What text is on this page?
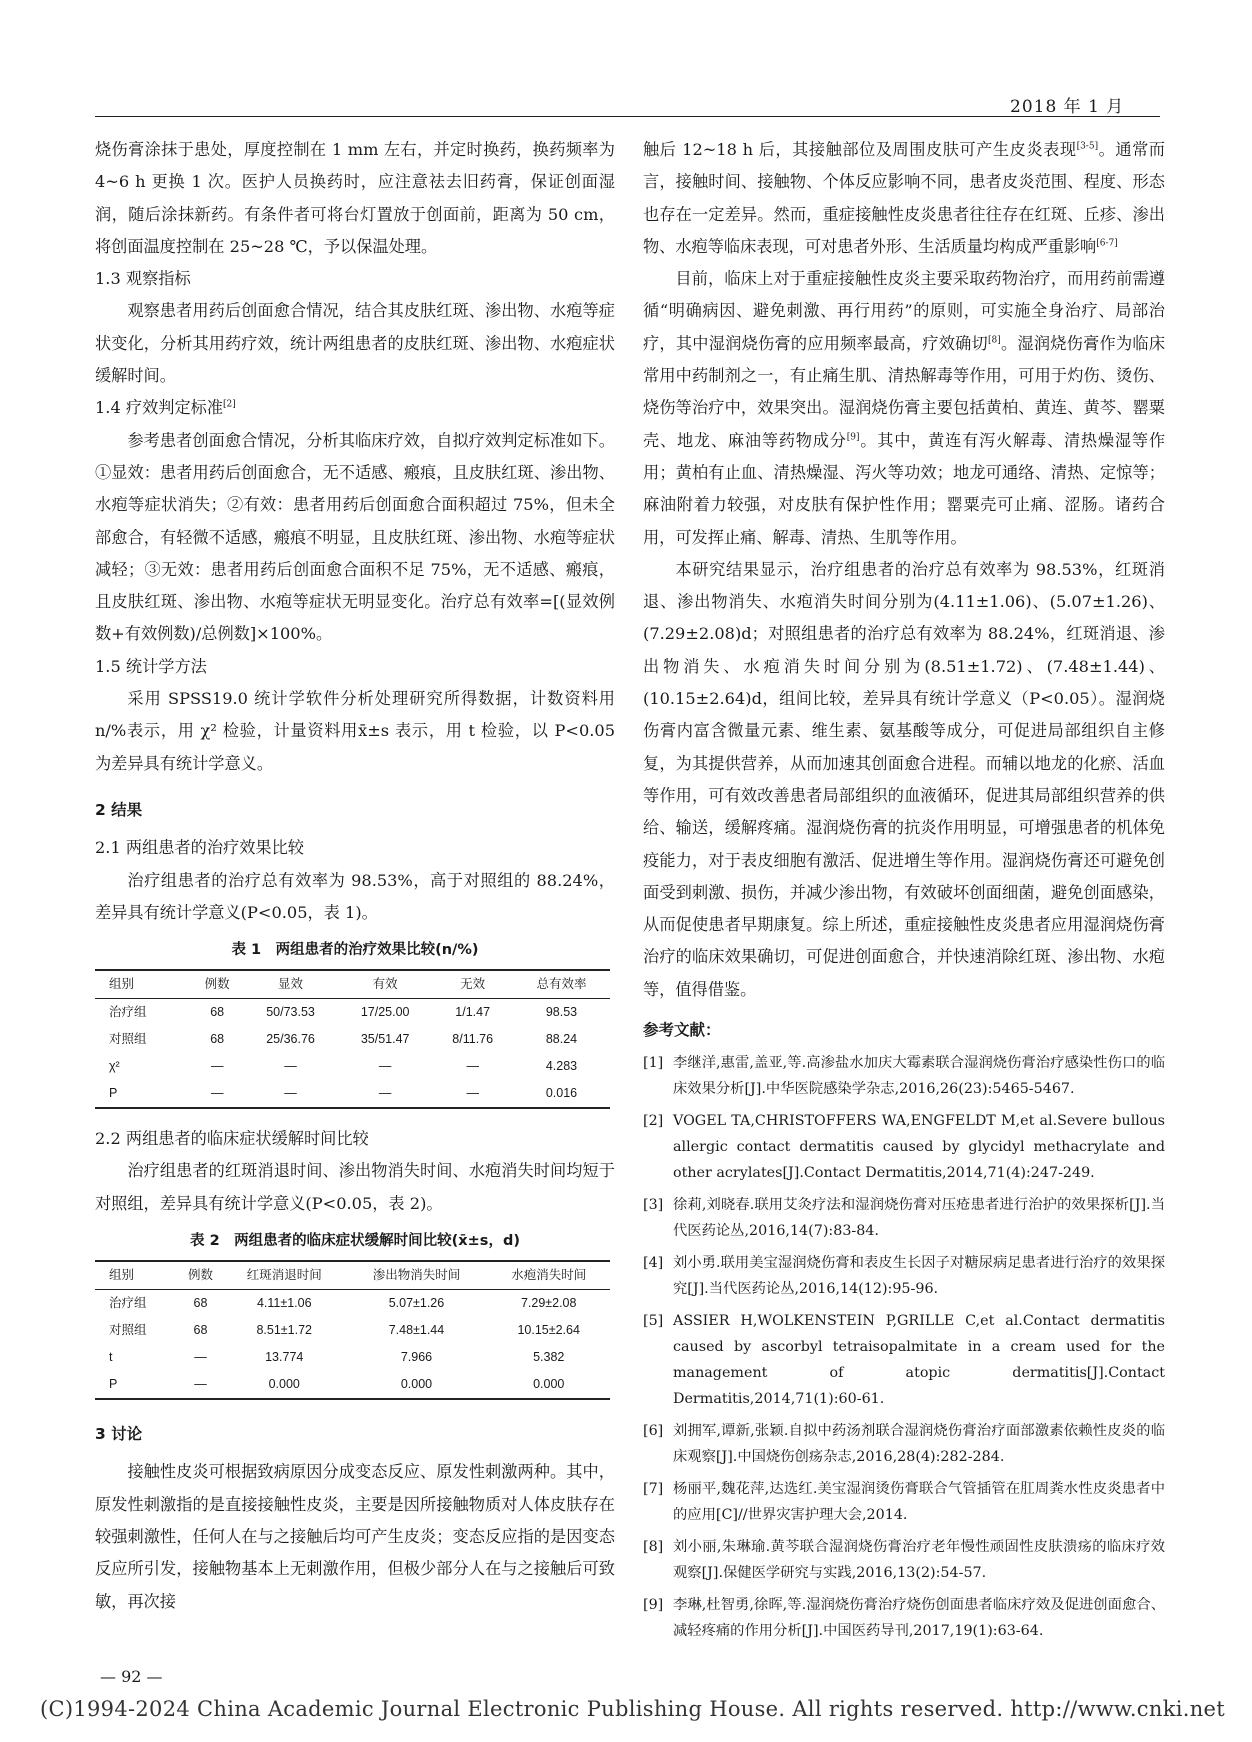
2018 年 1 月

烧伤膏涂抹于患处，厚度控制在 1 mm 左右，并定时换药，换药频率为 4~6 h 更换 1 次。医护人员换药时，应注意祛去旧药膏，保证创面湿润，随后涂抹新药。有条件者可将台灯置放于创面前，距离为 50 cm，将创面温度控制在 25~28 ℃，予以保温处理。

1.3 观察指标

观察患者用药后创面愈合情况，结合其皮肤红斑、渗出物、水疱等症状变化，分析其用药疗效，统计两组患者的皮肤红斑、渗出物、水疱症状缓解时间。

1.4 疗效判定标准[2]

参考患者创面愈合情况，分析其临床疗效，自拟疗效判定标准如下。①显效：患者用药后创面愈合，无不适感、瘢痕，且皮肤红斑、渗出物、水疱等症状消失；②有效：患者用药后创面愈合面积超过 75%，但未全部愈合，有轻微不适感，瘢痕不明显，且皮肤红斑、渗出物、水疱等症状减轻；③无效：患者用药后创面愈合面积不足 75%，无不适感、瘢痕，且皮肤红斑、渗出物、水疱等症状无明显变化。治疗总有效率=[(显效例数+有效例数)/总例数]×100%。

1.5 统计学方法

采用 SPSS19.0 统计学软件分析处理研究所得数据，计数资料用 n/%表示，用 χ² 检验，计量资料用x̄±s 表示，用 t 检验，以 P<0.05 为差异具有统计学意义。

2 结果
2.1 两组患者的治疗效果比较

治疗组患者的治疗总有效率为 98.53%，高于对照组的 88.24%，差异具有统计学意义(P<0.05，表 1)。

表 1　两组患者的治疗效果比较(n/%)
组别	例数	显效	有效	无效	总有效率
治疗组	68	50/73.53	17/25.00	1/1.47	98.53
对照组	68	25/36.76	35/51.47	8/11.76	88.24
χ²	—	—	—	—	4.283
P	—	—	—	—	0.016
2.2 两组患者的临床症状缓解时间比较

治疗组患者的红斑消退时间、渗出物消失时间、水疱消失时间均短于对照组，差异具有统计学意义(P<0.05，表 2)。

表 2　两组患者的临床症状缓解时间比较(x̄±s，d)
组别	例数	红斑消退时间	渗出物消失时间	水疱消失时间
治疗组	68	4.11±1.06	5.07±1.26	7.29±2.08
对照组	68	8.51±1.72	7.48±1.44	10.15±2.64
t	—	13.774	7.966	5.382
P	—	0.000	0.000	0.000
3 讨论

接触性皮炎可根据致病原因分成变态反应、原发性刺激两种。其中，原发性刺激指的是直接接触性皮炎，主要是因所接触物质对人体皮肤存在较强刺激性，任何人在与之接触后均可产生皮炎；变态反应指的是因变态反应所引发，接触物基本上无刺激作用，但极少部分人在与之接触后可致敏，再次接

触后 12~18 h 后，其接触部位及周围皮肤可产生皮炎表现[3-5]。通常而言，接触时间、接触物、个体反应影响不同，患者皮炎范围、程度、形态也存在一定差异。然而，重症接触性皮炎患者往往存在红斑、丘疹、渗出物、水疱等临床表现，可对患者外形、生活质量均构成严重影响[6-7]

目前，临床上对于重症接触性皮炎主要采取药物治疗，而用药前需遵循“明确病因、避免刺激、再行用药”的原则，可实施全身治疗、局部治疗，其中湿润烧伤膏的应用频率最高，疗效确切[8]。湿润烧伤膏作为临床常用中药制剂之一，有止痛生肌、清热解毒等作用，可用于灼伤、烫伤、烧伤等治疗中，效果突出。湿润烧伤膏主要包括黄柏、黄连、黄芩、罂粟壳、地龙、麻油等药物成分[9]。其中，黄连有泻火解毒、清热燥湿等作用；黄柏有止血、清热燥湿、泻火等功效；地龙可通络、清热、定惊等；麻油附着力较强，对皮肤有保护性作用；罂粟壳可止痛、涩肠。诸药合用，可发挥止痛、解毒、清热、生肌等作用。

本研究结果显示，治疗组患者的治疗总有效率为 98.53%，红斑消退、渗出物消失、水疱消失时间分别为(4.11±1.06)、(5.07±1.26)、(7.29±2.08)d；对照组患者的治疗总有效率为 88.24%，红斑消退、渗出物消失、水疱消失时间分别为(8.51±1.72)、(7.48±1.44)、(10.15±2.64)d，组间比较，差异具有统计学意义（P<0.05）。湿润烧伤膏内富含微量元素、维生素、氨基酸等成分，可促进局部组织自主修复，为其提供营养，从而加速其创面愈合进程。而辅以地龙的化瘀、活血等作用，可有效改善患者局部组织的血液循环，促进其局部组织营养的供给、输送，缓解疼痛。湿润烧伤膏的抗炎作用明显，可增强患者的机体免疫能力，对于表皮细胞有激活、促进增生等作用。湿润烧伤膏还可避免创面受到刺激、损伤，并减少渗出物，有效破坏创面细菌，避免创面感染，从而促使患者早期康复。综上所述，重症接触性皮炎患者应用湿润烧伤膏治疗的临床效果确切，可促进创面愈合，并快速消除红斑、渗出物、水疱等，值得借鉴。

参考文献：
[1] 李继洋,惠雷,盖亚,等.高渗盐水加庆大霉素联合湿润烧伤膏治疗感染性伤口的临床效果分析[J].中华医院感染学杂志,2016,26(23):5465-5467.
[2] VOGEL TA,CHRISTOFFERS WA,ENGFELDT M,et al.Severe bullous allergic contact dermatitis caused by glycidyl methacrylate and other acrylates[J].Contact Dermatitis,2014,71(4):247-249.
[3] 徐莉,刘晓春.联用艾灸疗法和湿润烧伤膏对压疮患者进行治护的效果探析[J].当代医药论丛,2016,14(7):83-84.
[4] 刘小勇.联用美宝湿润烧伤膏和表皮生长因子对糖尿病足患者进行治疗的效果探究[J].当代医药论丛,2016,14(12):95-96.
[5] ASSIER H,WOLKENSTEIN P,GRILLE C,et al.Contact dermatitis caused by ascorbyl tetraisopalmitate in a cream used for the management of atopic dermatitis[J].Contact Dermatitis,2014,71(1):60-61.
[6] 刘拥军,谭新,张颖.自拟中药汤剂联合湿润烧伤膏治疗面部激素依赖性皮炎的临床观察[J].中国烧伤创疡杂志,2016,28(4):282-284.
[7] 杨丽平,魏花萍,达选红.美宝湿润烫伤膏联合气管插管在肛周粪水性皮炎患者中的应用[C]//世界灾害护理大会,2014.
[8] 刘小丽,朱琳瑜.黄芩联合湿润烧伤膏治疗老年慢性顽固性皮肤溃疡的临床疗效观察[J].保健医学研究与实践,2016,13(2):54-57.
[9] 李琳,杜智勇,徐晖,等.湿润烧伤膏治疗烧伤创面患者临床疗效及促进创面愈合、减轻疼痛的作用分析[J].中国医药导刊,2017,19(1):63-64.
— 92 —
(C)1994-2024 China Academic Journal Electronic Publishing House. All rights reserved. http://www.cnki.net
